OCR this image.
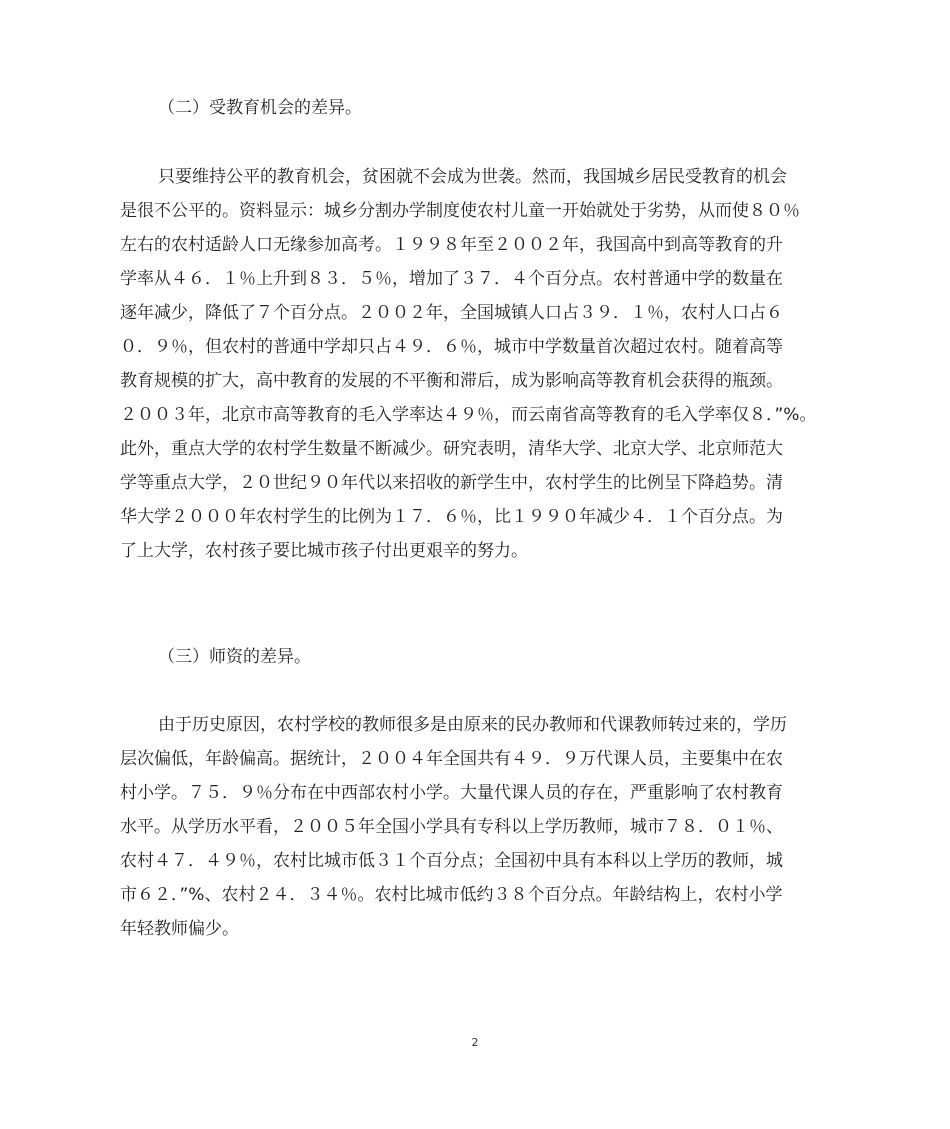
（二）受教育机会的差异。
只要维持公平的教育机会，贫困就不会成为世袭。然而，我国城乡居民受教育的机会
是很不公平的。资料显示：城乡分割办学制度使农村儿童一开始就处于劣势，从而使８０％
左右的农村适龄人口无缘参加高考。１９９８年至２００２年，我国高中到高等教育的升
学率从４６．１％上升到８３．５％，增加了３７．４个百分点。农村普通中学的数量在
逐年减少，降低了７个百分点。２００２年，全国城镇人口占３９．１％，农村人口占６
０．９％，但农村的普通中学却只占４９．６％，城市中学数量首次超过农村。随着高等
教育规模的扩大，高中教育的发展的不平衡和滞后，成为影响高等教育机会获得的瓶颈。
２００３年，北京市高等教育的毛入学率达４９％，而云南省高等教育的毛入学率仅８．”%。
此外，重点大学的农村学生数量不断减少。研究表明，清华大学、北京大学、北京师范大
学等重点大学，２０世纪９０年代以来招收的新学生中，农村学生的比例呈下降趋势。清
华大学２０００年农村学生的比例为１７．６％，比１９９０年减少４．１个百分点。为
了上大学，农村孩子要比城市孩子付出更艰辛的努力。
（三）师资的差异。
由于历史原因，农村学校的教师很多是由原来的民办教师和代课教师转过来的，学历
层次偏低，年龄偏高。据统计，２００４年全国共有４９．９万代课人员，主要集中在农
村小学。７５．９％分布在中西部农村小学。大量代课人员的存在，严重影响了农村教育
水平。从学历水平看，２００５年全国小学具有专科以上学历教师，城市７８．０１％、
农村４７．４９％，农村比城市低３１个百分点；全国初中具有本科以上学历的教师，城
市６２．”%、农村２４．３４％。农村比城市低约３８个百分点。年龄结构上，农村小学
年轻教师偏少。
2
